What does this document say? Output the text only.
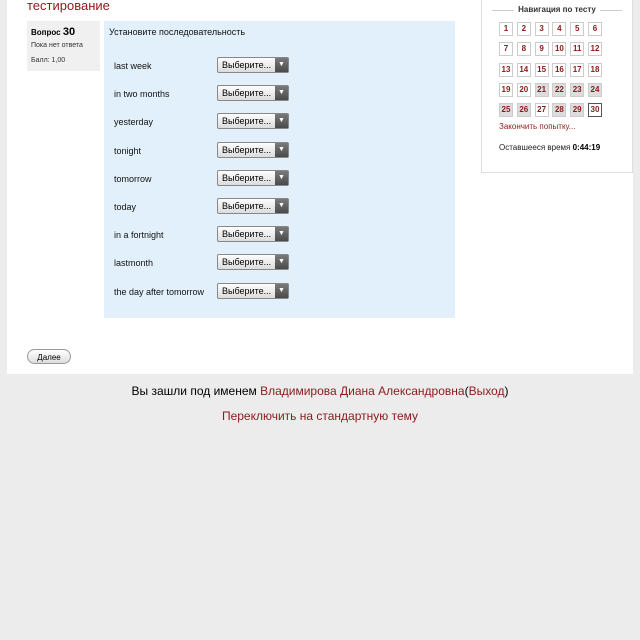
тестирование
Вопрос 30
Пока нет ответа
Балл: 1,00
Установите последовательность
last week	Выберите... ▼
in two months	Выберите... ▼
yesterday	Выберите... ▼
tonight	Выберите... ▼
tomorrow	Выберите... ▼
today	Выберите... ▼
in a fortnight	Выберите... ▼
lastmonth	Выберите... ▼
the day after tomorrow Выберите... ▼
Далее
Навигация по тесту
1	2	3	4	5	6
7	8	9	10	11	12
13	14	15	16	17	18
19	20	21	22	23	24
25	26	27	28	29	30
Закончить попытку...
Оставшееся время 0:44:19
Вы зашли под именем Владимирова Диана Александровна(Выход)
Переключить на стандартную тему
